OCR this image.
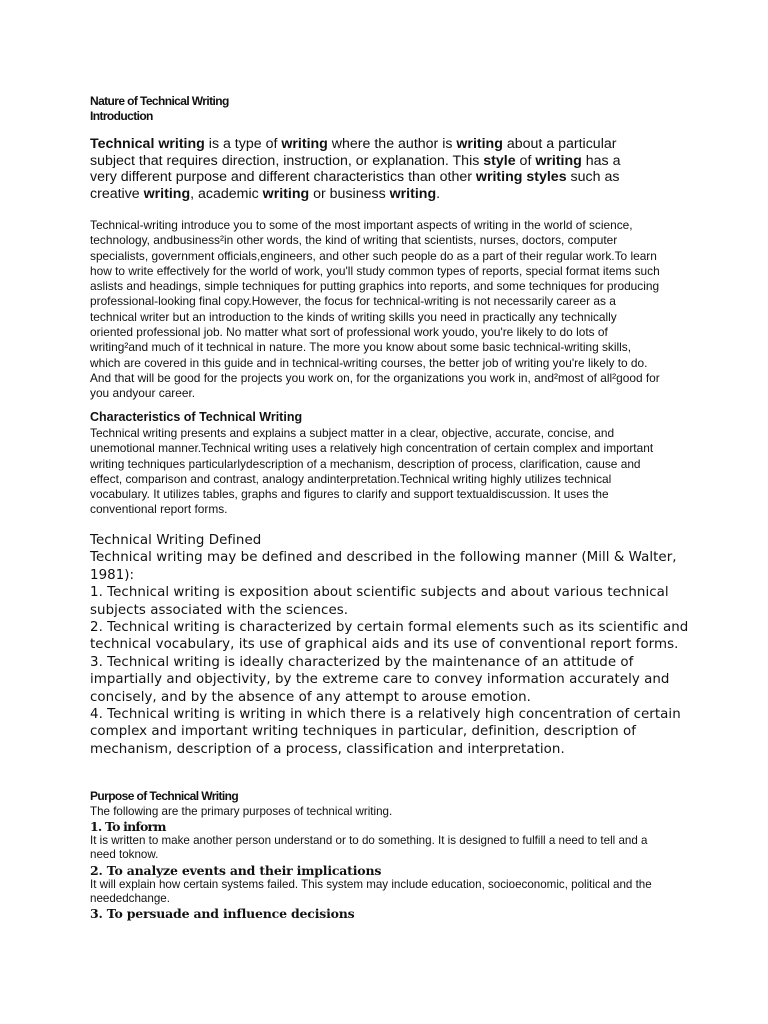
Nature of Technical Writing

Introduction

Technical writing is a type of writing where the author is writing about a particular subject that requires direction, instruction, or explanation. This style of writing has a very different purpose and different characteristics than other writing styles such as creative writing, academic writing or business writing.

Technical-writing introduce you to some of the most important aspects of writing in the world of science, technology, andbusiness²in other words, the kind of writing that scientists, nurses, doctors, computer specialists, government officials,engineers, and other such people do as a part of their regular work.To learn how to write effectively for the world of work, you'll study common types of reports, special format items such aslists and headings, simple techniques for putting graphics into reports, and some techniques for producing professional-looking final copy.However, the focus for technical-writing is not necessarily career as a technical writer but an introduction to the kinds of writing skills you need in practically any technically oriented professional job. No matter what sort of professional work youdo, you're likely to do lots of writing²and much of it technical in nature. The more you know about some basic technical-writing skills, which are covered in this guide and in technical-writing courses, the better job of writing you're likely to do. And that will be good for the projects you work on, for the organizations you work in, and²most of all²good for you andyour career.

Characteristics of Technical Writing

Technical writing presents and explains a subject matter in a clear, objective, accurate, concise, and unemotional manner.Technical writing uses a relatively high concentration of certain complex and important writing techniques particularlydescription of a mechanism, description of process, clarification, cause and effect, comparison and contrast, analogy andinterpretation.Technical writing highly utilizes technical vocabulary. It utilizes tables, graphs and figures to clarify and support textualdiscussion. It uses the conventional report forms.

Technical Writing Defined

Technical writing may be defined and described in the following manner (Mill & Walter, 1981):

1. Technical writing is exposition about scientific subjects and about various technical subjects associated with the sciences.

2. Technical writing is characterized by certain formal elements such as its scientific and technical vocabulary, its use of graphical aids and its use of conventional report forms.

3. Technical writing is ideally characterized by the maintenance of an attitude of impartially and objectivity, by the extreme care to convey information accurately and concisely, and by the absence of any attempt to arouse emotion.

4. Technical writing is writing in which there is a relatively high concentration of certain complex and important writing techniques in particular, definition, description of mechanism, description of a process, classification and interpretation.

Purpose of Technical Writing

The following are the primary purposes of technical writing.

1. To inform

It is written to make another person understand or to do something. It is designed to fulfill a need to tell and a need toknow.

2. To analyze events and their implications

It will explain how certain systems failed. This system may include education, socioeconomic, political and the neededchange.

3. To persuade and influence decisions
